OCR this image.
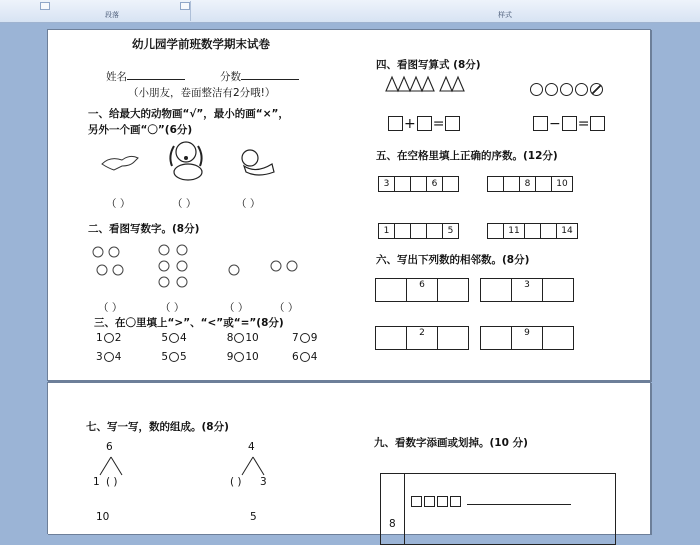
段落	样式
幼儿园学前班数学期末试卷
姓名	分数
（小朋友，卷面整洁有2分哦!）
一、给最大的动物画“√”，最小的画“×”，
另外一个画“〇”(6分)
（ ）	（ ）	（ ）
二、看图写数字。(8分)
（ ）	（ ）	（ ） （ ）
三、在〇里填上“>”、“<”或“=”(8分)
1 2	5 4	8 10	7 9
3 4	5 5	9 10	6 4
四、看图写算式 (8分)
+ =	− =
五、在空格里填上正确的序数。(12分)
3	6	8	10
1	5	11	14
六、写出下列数的相邻数。(8分)
6	3
2	9
七、写一写，数的组成。(8分)
6
1 ( )
4
( ) 3
10	5
九、看数字添画或划掉。(10 分)
8
